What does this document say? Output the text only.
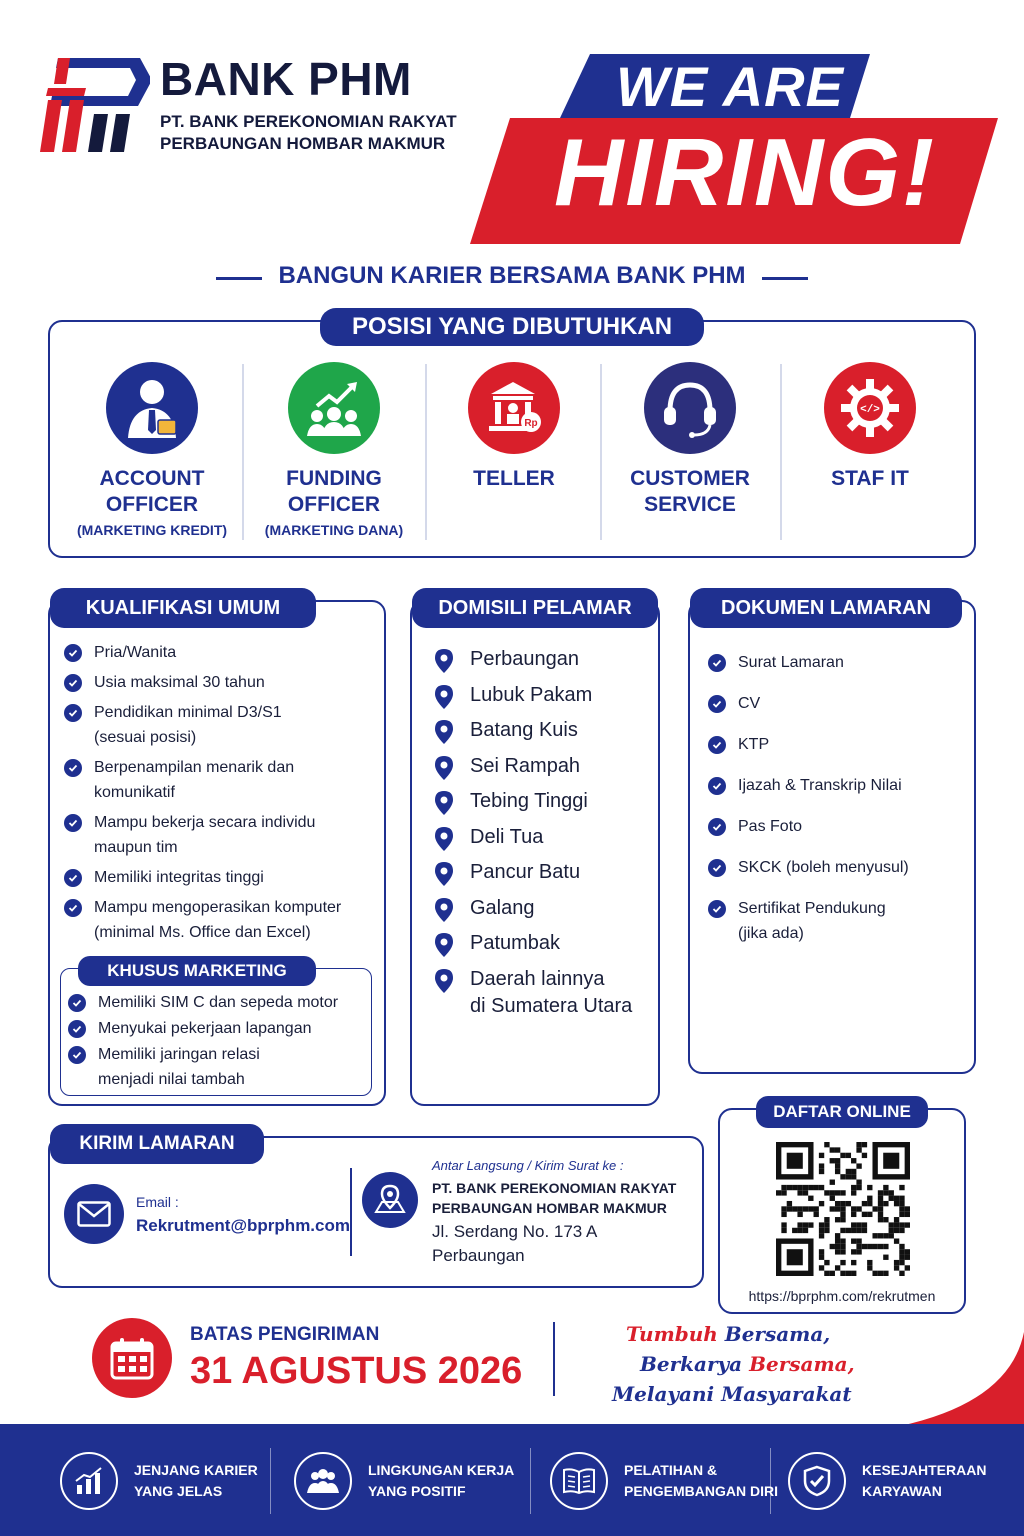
BANK PHM
PT. BANK PEREKONOMIAN RAKYAT
PERBAUNGAN HOMBAR MAKMUR
WE ARE
HIRING!
BANGUN KARIER BERSAMA BANK PHM
POSISI YANG DIBUTUHKAN
ACCOUNT
OFFICER
(MARKETING KREDIT)
FUNDING
OFFICER
(MARKETING DANA)
Rp
TELLER	CUSTOMER
SERVICE
</>
STAF IT
KUALIFIKASI UMUM
Pria/Wanita
Usia maksimal 30 tahun
Pendidikan minimal D3/S1
(sesuai posisi)
Berpenampilan menarik dan
komunikatif
Mampu bekerja secara individu
maupun tim
Memiliki integritas tinggi
Mampu mengoperasikan komputer
(minimal Ms. Office dan Excel)
KHUSUS MARKETING
Memiliki SIM C dan sepeda motor
Menyukai pekerjaan lapangan
Memiliki jaringan relasi
menjadi nilai tambah
DOMISILI PELAMAR
Perbaungan
Lubuk Pakam
Batang Kuis
Sei Rampah
Tebing Tinggi
Deli Tua
Pancur Batu
Galang
Patumbak
Daerah lainnya
di Sumatera Utara
DOKUMEN LAMARAN
Surat Lamaran
CV
KTP
Ijazah & Transkrip Nilai
Pas Foto
SKCK (boleh menyusul)
Sertifikat Pendukung
(jika ada)
KIRIM LAMARAN
Email :
Rekrutment@bprphm.com
Antar Langsung / Kirim Surat ke :
PT. BANK PEREKONOMIAN RAKYAT
PERBAUNGAN HOMBAR MAKMUR
Jl. Serdang No. 173 A
Perbaungan
DAFTAR ONLINE
https://bprphm.com/rekrutmen
BATAS PENGIRIMAN
31 AGUSTUS 2026
Tumbuh Bersama,
Berkarya Bersama,
Melayani Masyarakat
JENJANG KARIER
YANG JELAS
LINGKUNGAN KERJA
YANG POSITIF
PELATIHAN &
PENGEMBANGAN DIRI
KESEJAHTERAAN
KARYAWAN
